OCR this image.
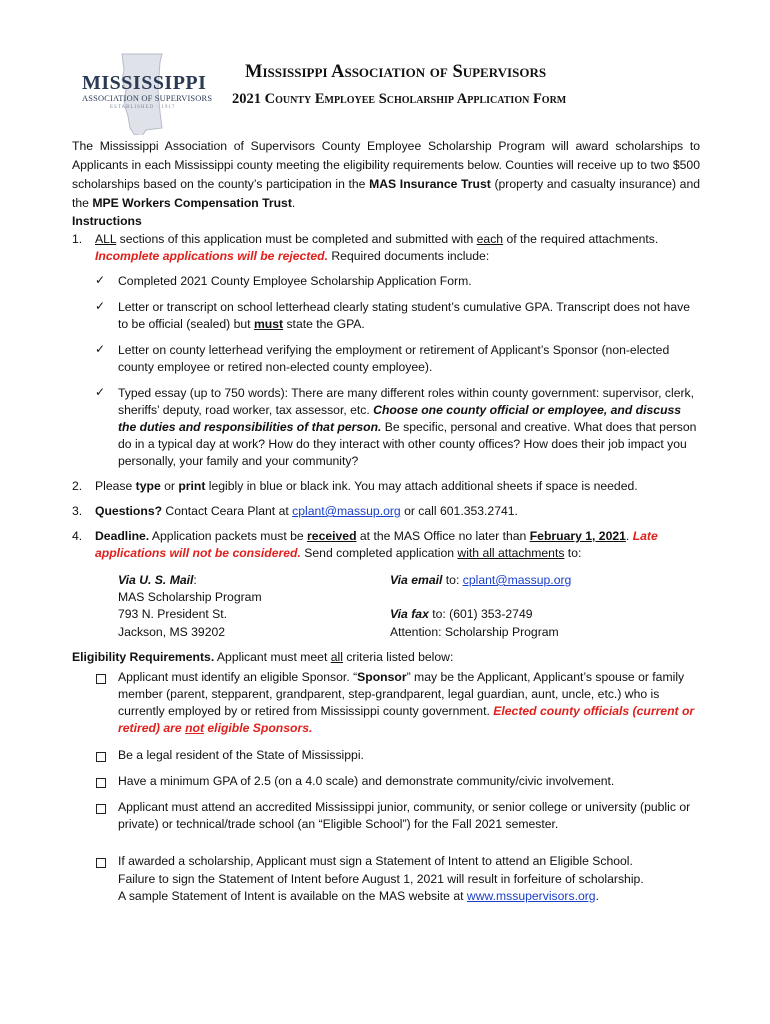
MISSISSIPPI
ASSOCIATION OF SUPERVISORS
ESTABLISHED · 1917
Mississippi Association of Supervisors
2021 County Employee Scholarship Application Form
The Mississippi Association of Supervisors County Employee Scholarship Program will award scholarships to Applicants in each Mississippi county meeting the eligibility requirements below. Counties will receive up to two $500 scholarships based on the county’s participation in the MAS Insurance Trust (property and casualty insurance) and the MPE Workers Compensation Trust.
Instructions
1. ALL sections of this application must be completed and submitted with each of the required attachments.
Incomplete applications will be rejected. Required documents include:
✓ Completed 2021 County Employee Scholarship Application Form.
✓ Letter or transcript on school letterhead clearly stating student’s cumulative GPA. Transcript does not have to be official (sealed) but must state the GPA.
✓ Letter on county letterhead verifying the employment or retirement of Applicant’s Sponsor (non-elected county employee or retired non-elected county employee).
✓ Typed essay (up to 750 words): There are many different roles within county government: supervisor, clerk, sheriffs’ deputy, road worker, tax assessor, etc. Choose one county official or employee, and discuss the duties and responsibilities of that person. Be specific, personal and creative. What does that person do in a typical day at work? How do they interact with other county offices? How does their job impact you personally, your family and your community?
2. Please type or print legibly in blue or black ink. You may attach additional sheets if space is needed.
3. Questions? Contact Ceara Plant at cplant@massup.org or call 601.353.2741.
4. Deadline. Application packets must be received at the MAS Office no later than February 1, 2021. Late applications will not be considered. Send completed application with all attachments to:
Via U. S. Mail:
MAS Scholarship Program
793 N. President St.
Jackson, MS 39202
Via email to: cplant@massup.org
Via fax to: (601) 353-2749
Attention: Scholarship Program
Eligibility Requirements. Applicant must meet all criteria listed below:
Applicant must identify an eligible Sponsor. “Sponsor” may be the Applicant, Applicant’s spouse or family member (parent, stepparent, grandparent, step-grandparent, legal guardian, aunt, uncle, etc.) who is currently employed by or retired from Mississippi county government. Elected county officials (current or retired) are not eligible Sponsors.
Be a legal resident of the State of Mississippi.
Have a minimum GPA of 2.5 (on a 4.0 scale) and demonstrate community/civic involvement.
Applicant must attend an accredited Mississippi junior, community, or senior college or university (public or private) or technical/trade school (an “Eligible School”) for the Fall 2021 semester.
If awarded a scholarship, Applicant must sign a Statement of Intent to attend an Eligible School.
Failure to sign the Statement of Intent before August 1, 2021 will result in forfeiture of scholarship.
A sample Statement of Intent is available on the MAS website at www.mssupervisors.org.
